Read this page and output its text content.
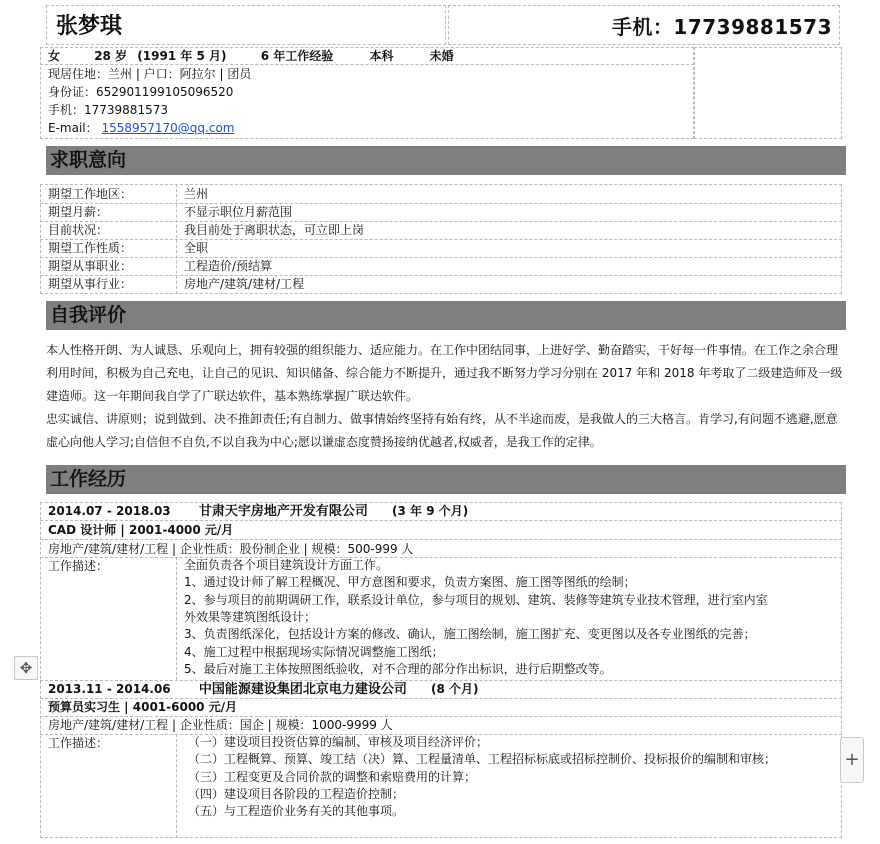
张梦琪	手机：17739881573
女	28 岁 (1991 年 5 月)	6 年工作经验	本科	未婚
现居住地：兰州 | 户口：阿拉尔 | 团员
身份证：652901199105096520
手机：17739881573
E-mail： 1558957170@qq.com
求职意向
期望工作地区：	兰州
期望月薪：	不显示职位月薪范围
目前状况：	我目前处于离职状态，可立即上岗
期望工作性质：	全职
期望从事职业：	工程造价/预结算
期望从事行业：	房地产/建筑/建材/工程
自我评价
本人性格开朗、为人诚恳、乐观向上，拥有较强的组织能力、适应能力。在工作中团结同事，上进好学、勤奋踏实，干好每一件事情。在工作之余合理利用时间，积极为自己充电，让自己的见识、知识储备、综合能力不断提升，通过我不断努力学习分别在 2017 年和 2018 年考取了二级建造师及一级建造师。这一年期间我自学了广联达软件，基本熟练掌握广联达软件。
忠实诚信、讲原则；说到做到、决不推卸责任;有自制力、做事情始终坚持有始有终，从不半途而废，是我做人的三大格言。肯学习,有问题不逃避,愿意虚心向他人学习;自信但不自负,不以自我为中心;愿以谦虚态度赞扬接纳优越者,权威者，是我工作的定律。
工作经历
2014.07 - 2018.03 甘肃天宇房地产开发有限公司 (3 年 9 个月)
CAD 设计师 | 2001-4000 元/月
房地产/建筑/建材/工程 | 企业性质：股份制企业 | 规模：500-999 人
工作描述：	全面负责各个项目建筑设计方面工作。
1、通过设计师了解工程概况、甲方意图和要求，负责方案图、施工图等图纸的绘制；
2、参与项目的前期调研工作，联系设计单位，参与项目的规划、建筑、装修等建筑专业技术管理，进行室内室
外效果等建筑图纸设计；
3、负责图纸深化，包括设计方案的修改、确认，施工图绘制，施工图扩充、变更图以及各专业图纸的完善；
4、施工过程中根据现场实际情况调整施工图纸；
5、最后对施工主体按照图纸验收，对不合理的部分作出标识，进行后期整改等。
2013.11 - 2014.06 中国能源建设集团北京电力建设公司 (8 个月)
预算员实习生 | 4001-6000 元/月
房地产/建筑/建材/工程 | 企业性质：国企 | 规模：1000-9999 人
工作描述：	（一）建设项目投资估算的编制、审核及项目经济评价；
（二）工程概算、预算、竣工结（决）算、工程量清单、工程招标标底或招标控制价、投标报价的编制和审核；
（三）工程变更及合同价款的调整和索赔费用的计算；
（四）建设项目各阶段的工程造价控制；
（五）与工程造价业务有关的其他事项。
✥
+
